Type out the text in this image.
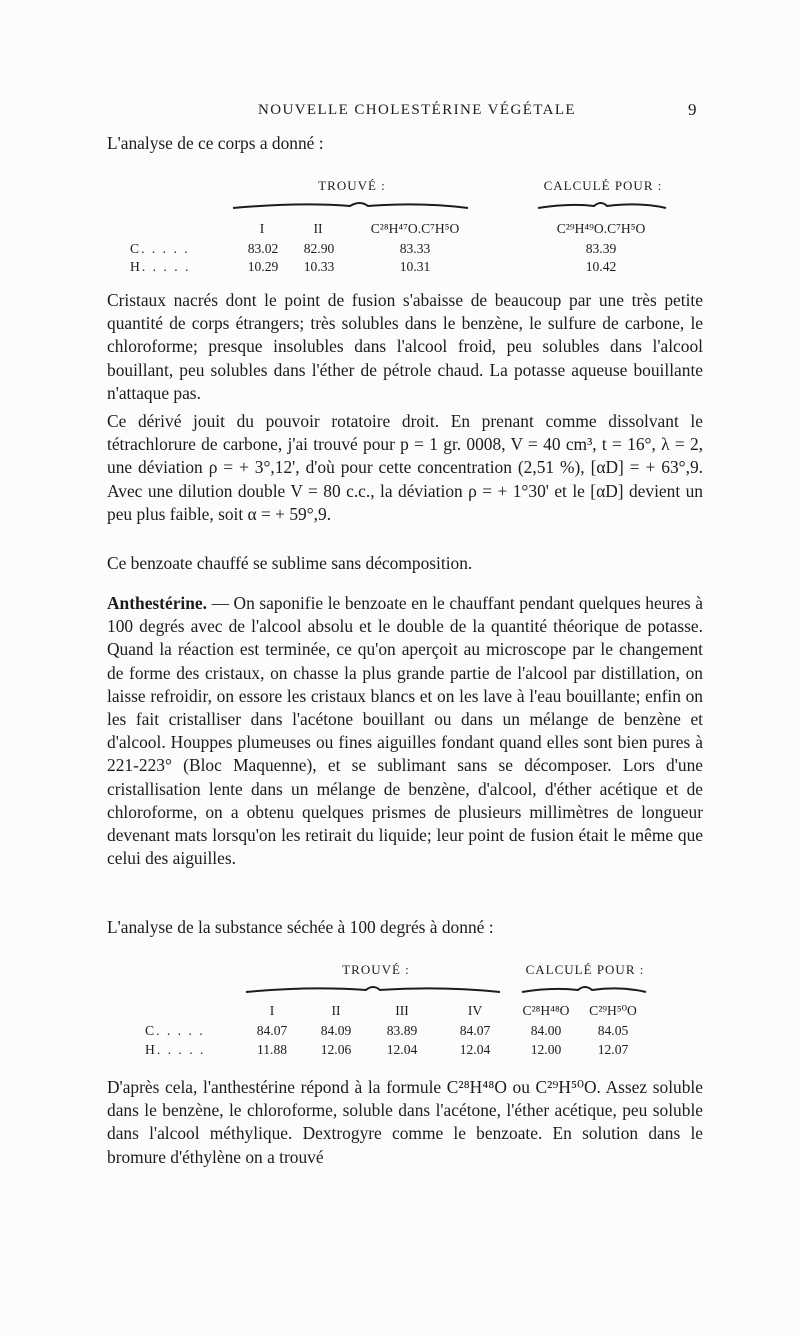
NOUVELLE CHOLESTÉRINE VÉGÉTALE	9

L'analyse de ce corps a donné :

TROUVÉ :	CALCULÉ POUR :
I	II	C²⁸H⁴⁷O.C⁷H⁵O	C²⁹H⁴⁹O.C⁷H⁵O
C. . . . .	83.02	82.90	83.33	83.39
H. . . . .	10.29	10.33	10.31	10.42

Cristaux nacrés dont le point de fusion s'abaisse de beaucoup par une très petite quantité de corps étrangers; très solubles dans le benzène, le sulfure de carbone, le chloroforme; presque insolubles dans l'alcool froid, peu solubles dans l'alcool bouillant, peu solubles dans l'éther de pétrole chaud. La potasse aqueuse bouillante n'attaque pas.

Ce dérivé jouit du pouvoir rotatoire droit. En prenant comme dissolvant le tétrachlorure de carbone, j'ai trouvé pour p = 1 gr. 0008, V = 40 cm³, t = 16°, λ = 2, une déviation ρ = + 3°,12', d'où pour cette concentration (2,51 %), [αD] = + 63°,9. Avec une dilution double V = 80 c.c., la déviation ρ = + 1°30' et le [αD] devient un peu plus faible, soit α = + 59°,9.

Ce benzoate chauffé se sublime sans décomposition.

Anthestérine. — On saponifie le benzoate en le chauffant pendant quelques heures à 100 degrés avec de l'alcool absolu et le double de la quantité théorique de potasse. Quand la réaction est terminée, ce qu'on aperçoit au microscope par le changement de forme des cristaux, on chasse la plus grande partie de l'alcool par distillation, on laisse refroidir, on essore les cristaux blancs et on les lave à l'eau bouillante; enfin on les fait cristalliser dans l'acétone bouillant ou dans un mélange de benzène et d'alcool. Houppes plumeuses ou fines aiguilles fondant quand elles sont bien pures à 221-223° (Bloc Maquenne), et se sublimant sans se décomposer. Lors d'une cristallisation lente dans un mélange de benzène, d'alcool, d'éther acétique et de chloroforme, on a obtenu quelques prismes de plusieurs millimètres de longueur devenant mats lorsqu'on les retirait du liquide; leur point de fusion était le même que celui des aiguilles.

L'analyse de la substance séchée à 100 degrés à donné :

TROUVÉ :	CALCULÉ POUR :
I	II	III	IV	C²⁸H⁴⁸O	C²⁹H⁵⁰O
C. . . . .	84.07	84.09	83.89	84.07	84.00	84.05
H. . . . .	11.88	12.06	12.04	12.04	12.00	12.07

D'après cela, l'anthestérine répond à la formule C²⁸H⁴⁸O ou C²⁹H⁵⁰O. Assez soluble dans le benzène, le chloroforme, soluble dans l'acétone, l'éther acétique, peu soluble dans l'alcool méthylique. Dextrogyre comme le benzoate. En solution dans le bromure d'éthylène on a trouvé
